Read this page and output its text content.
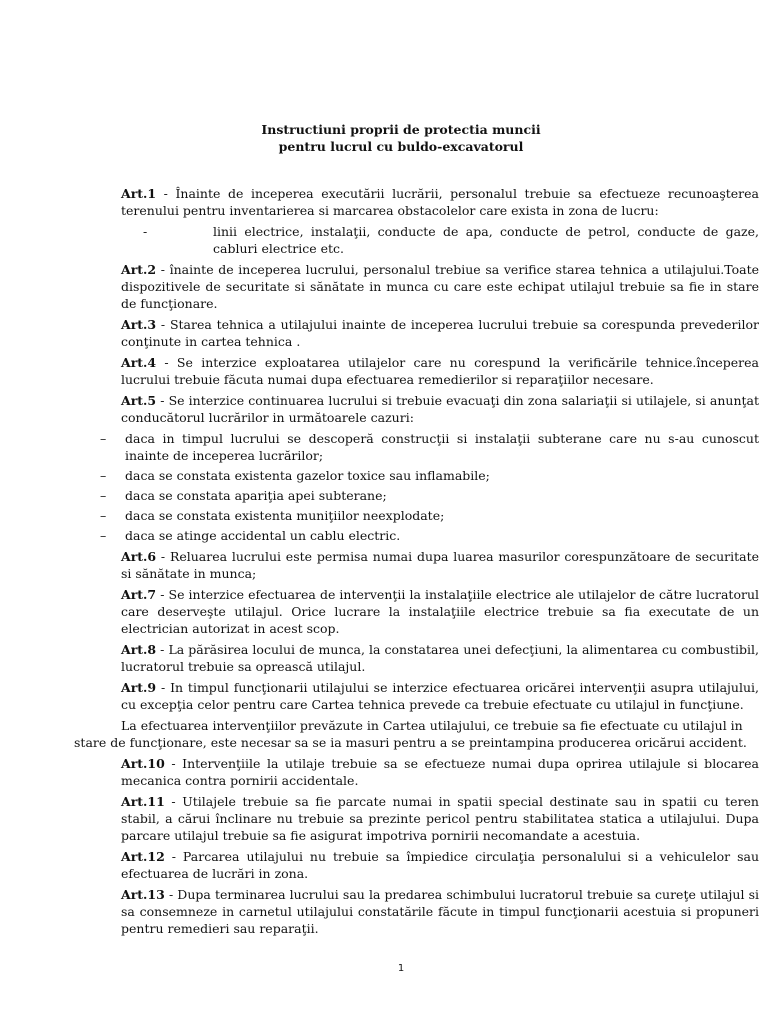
Instructiuni proprii de protectia muncii
pentru lucrul cu buldo-excavatorul

Art.1 - Înainte de inceperea executării lucrării, personalul trebuie sa efectueze recunoaşterea terenului pentru inventarierea si marcarea obstacolelor care exista in zona de lucru:

-	linii electrice, instalaţii, conducte de apa, conducte de petrol, conducte de gaze, cabluri electrice etc.

Art.2 - înainte de inceperea lucrului, personalul trebiue sa verifice starea tehnica a utilajului.Toate dispozitivele de securitate si sănătate in munca cu care este echipat utilajul trebuie sa fie in stare de funcţionare.

Art.3 - Starea tehnica a utilajului inainte de inceperea lucrului trebuie sa corespunda prevederilor conţinute in cartea tehnica .

Art.4 - Se interzice exploatarea utilajelor care nu corespund la verificările tehnice.începerea lucrului trebuie făcuta numai dupa efectuarea remedierilor si reparaţiilor necesare.

Art.5 - Se interzice continuarea lucrului si trebuie evacuaţi din zona salariaţii si utilajele, si anunţat conducătorul lucrărilor in următoarele cazuri:

–	daca in timpul lucrului se descoperă construcţii si instalaţii subterane care nu s-au cunoscut inainte de inceperea lucrărilor;
–	daca se constata existenta gazelor toxice sau inflamabile;
–	daca se constata apariţia apei subterane;
–	daca se constata existenta muniţiilor neexplodate;
–	daca se atinge accidental un cablu electric.

Art.6 - Reluarea lucrului este permisa numai dupa luarea masurilor corespunzătoare de securitate si sănătate in munca;

Art.7 - Se interzice efectuarea de intervenţii la instalaţiile electrice ale utilajelor de către lucratorul care deserveşte utilajul. Orice lucrare la instalaţiile electrice trebuie sa fia executate de un electrician autorizat in acest scop.

Art.8 - La părăsirea locului de munca, la constatarea unei defecţiuni, la alimentarea cu combustibil, lucratorul trebuie sa oprească utilajul.

Art.9 - In timpul funcţionarii utilajului se interzice efectuarea oricărei intervenţii asupra utilajului, cu excepţia celor pentru care Cartea tehnica prevede ca trebuie efectuate cu utilajul in funcţiune.

La efectuarea intervenţiilor prevăzute in Cartea utilajului, ce trebuie sa fie efectuate cu utilajul in
stare de funcţionare, este necesar sa se ia masuri pentru a se preintampina producerea oricărui accident.

Art.10 - Intervenţiile la utilaje trebuie sa se efectueze numai dupa oprirea utilajule si blocarea mecanica contra pornirii accidentale.

Art.11 - Utilajele trebuie sa fie parcate numai in spatii special destinate sau in spatii cu teren stabil, a cărui înclinare nu trebuie sa prezinte pericol pentru stabilitatea statica a utilajului. Dupa parcare utilajul trebuie sa fie asigurat impotriva pornirii necomandate a acestuia.

Art.12 - Parcarea utilajului nu trebuie sa împiedice circulaţia personalului si a vehiculelor sau efectuarea de lucrări in zona.

Art.13 - Dupa terminarea lucrului sau la predarea schimbului lucratorul trebuie sa cureţe utilajul si sa consemneze in carnetul utilajului constatările făcute in timpul funcţionarii acestuia si propuneri pentru remedieri sau reparaţii.

1
